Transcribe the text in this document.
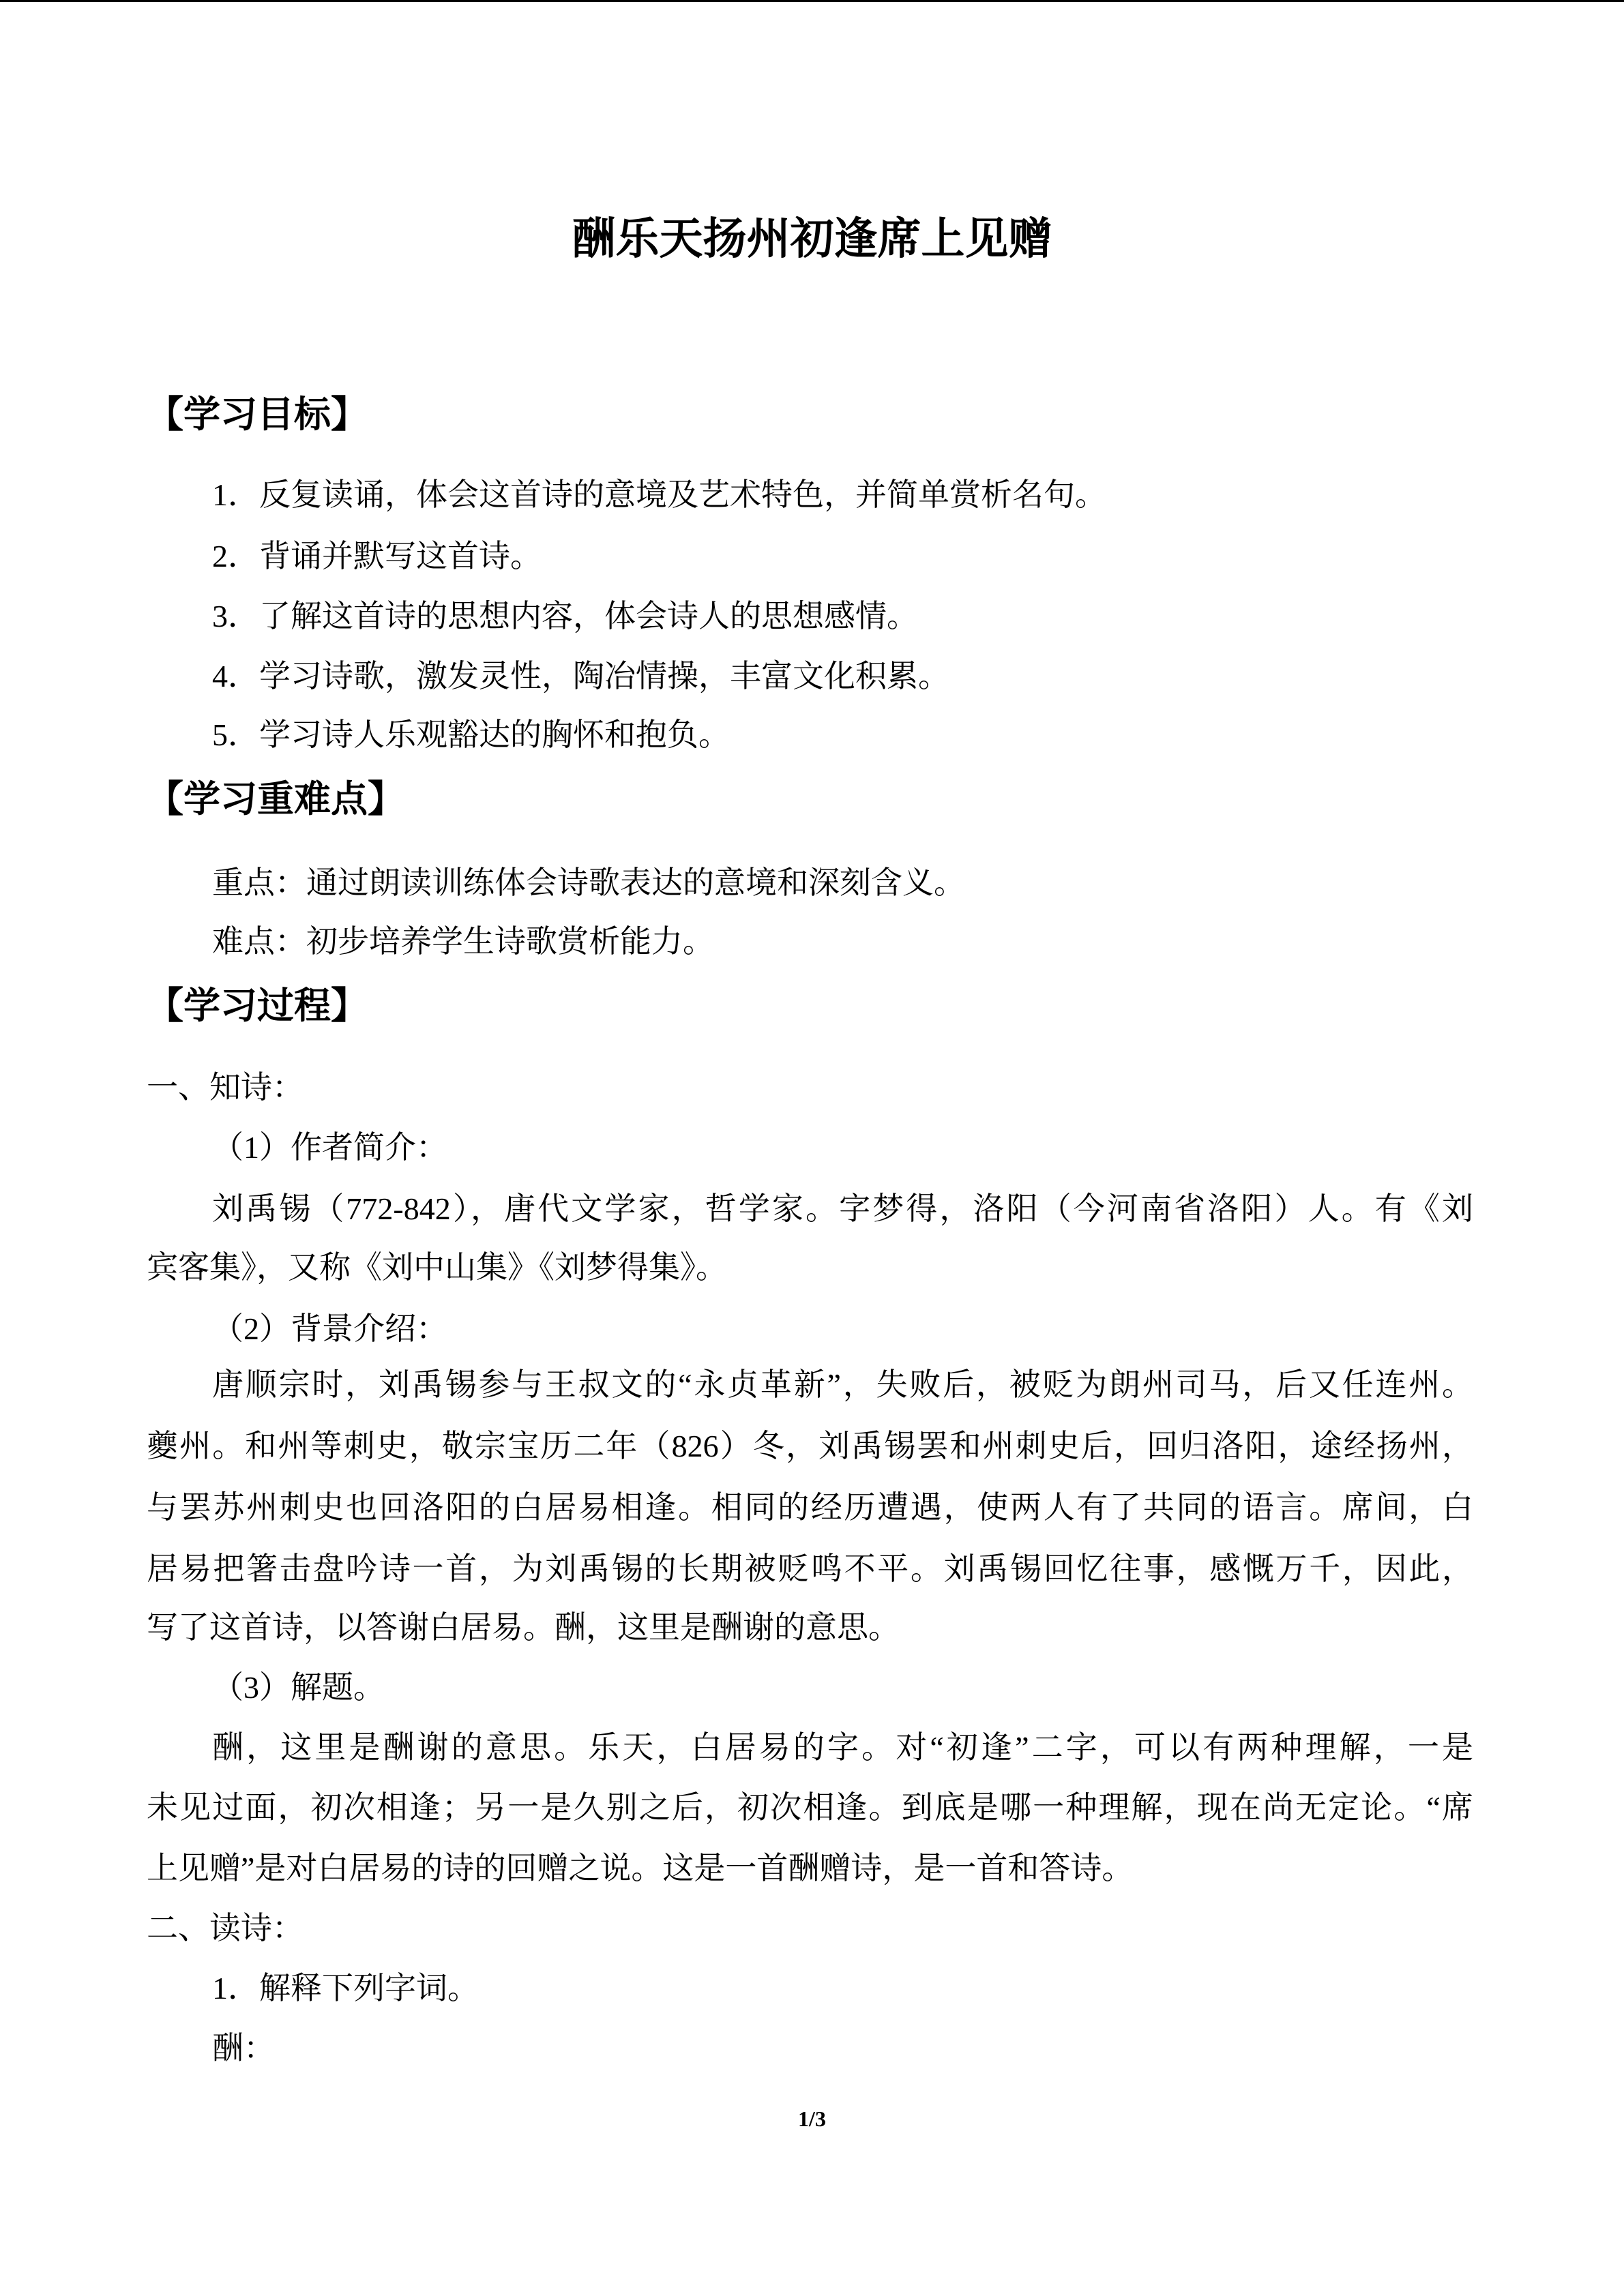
酬乐天扬州初逢席上见赠
【学习目标】
1．反复读诵，体会这首诗的意境及艺术特色，并简单赏析名句。
2．背诵并默写这首诗。
3．了解这首诗的思想内容，体会诗人的思想感情。
4．学习诗歌，激发灵性，陶冶情操，丰富文化积累。
5．学习诗人乐观豁达的胸怀和抱负。
【学习重难点】
重点：通过朗读训练体会诗歌表达的意境和深刻含义。
难点：初步培养学生诗歌赏析能力。
【学习过程】
一、知诗：
（1）作者简介：
刘禹锡（772-842），唐代文学家，哲学家。字梦得，洛阳（今河南省洛阳）人。有《刘
宾客集》，又称《刘中山集》《刘梦得集》。
（2）背景介绍：
唐顺宗时，刘禹锡参与王叔文的“永贞革新”，失败后，被贬为朗州司马，后又任连州。
夔州。和州等刺史，敬宗宝历二年（826）冬，刘禹锡罢和州刺史后，回归洛阳，途经扬州，
与罢苏州刺史也回洛阳的白居易相逢。相同的经历遭遇，使两人有了共同的语言。席间，白
居易把箸击盘吟诗一首，为刘禹锡的长期被贬鸣不平。刘禹锡回忆往事，感慨万千，因此，
写了这首诗，以答谢白居易。酬，这里是酬谢的意思。
（3）解题。
酬，这里是酬谢的意思。乐天，白居易的字。对“初逢”二字，可以有两种理解，一是
未见过面，初次相逢；另一是久别之后，初次相逢。到底是哪一种理解，现在尚无定论。“席
上见赠”是对白居易的诗的回赠之说。这是一首酬赠诗，是一首和答诗。
二、读诗：
1．解释下列字词。
酬：
1/3
